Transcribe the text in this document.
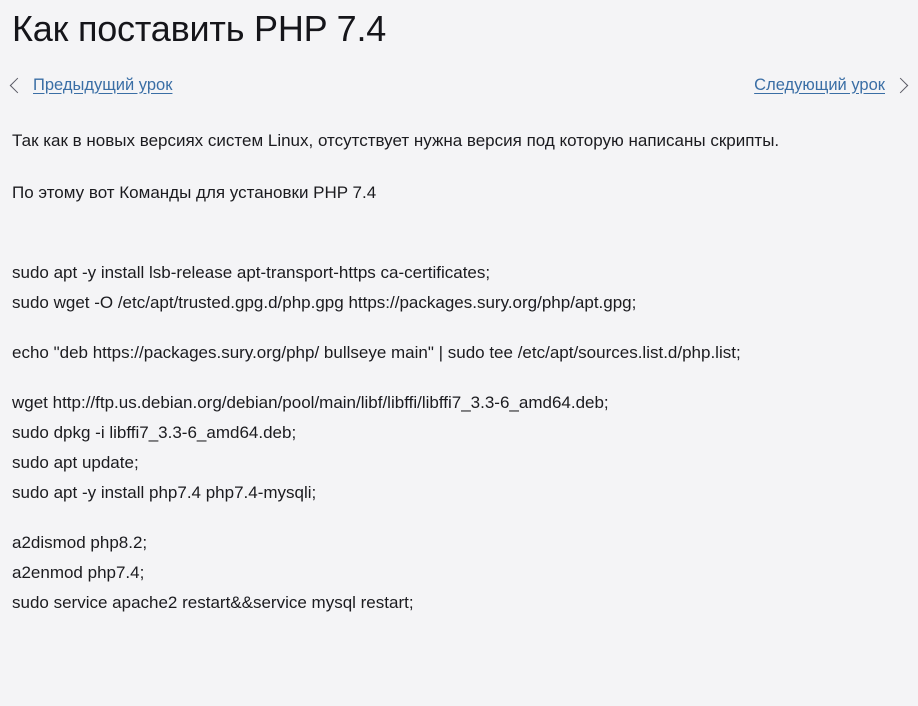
Как поставить PHP 7.4
Предыдущий урок	Следующий урок

Так как в новых версиях систем Linux, отсутствует нужна версия под которую написаны скрипты.

По этому вот Команды для установки PHP 7.4

sudo apt -y install lsb-release apt-transport-https ca-certificates;
sudo wget -O /etc/apt/trusted.gpg.d/php.gpg https://packages.sury.org/php/apt.gpg;
echo "deb https://packages.sury.org/php/ bullseye main" | sudo tee /etc/apt/sources.list.d/php.list;
wget http://ftp.us.debian.org/debian/pool/main/libf/libffi/libffi7_3.3-6_amd64.deb;
sudo dpkg -i libffi7_3.3-6_amd64.deb;
sudo apt update;
sudo apt -y install php7.4 php7.4-mysqli;
a2dismod php8.2;
a2enmod php7.4;
sudo service apache2 restart&&service mysql restart;
